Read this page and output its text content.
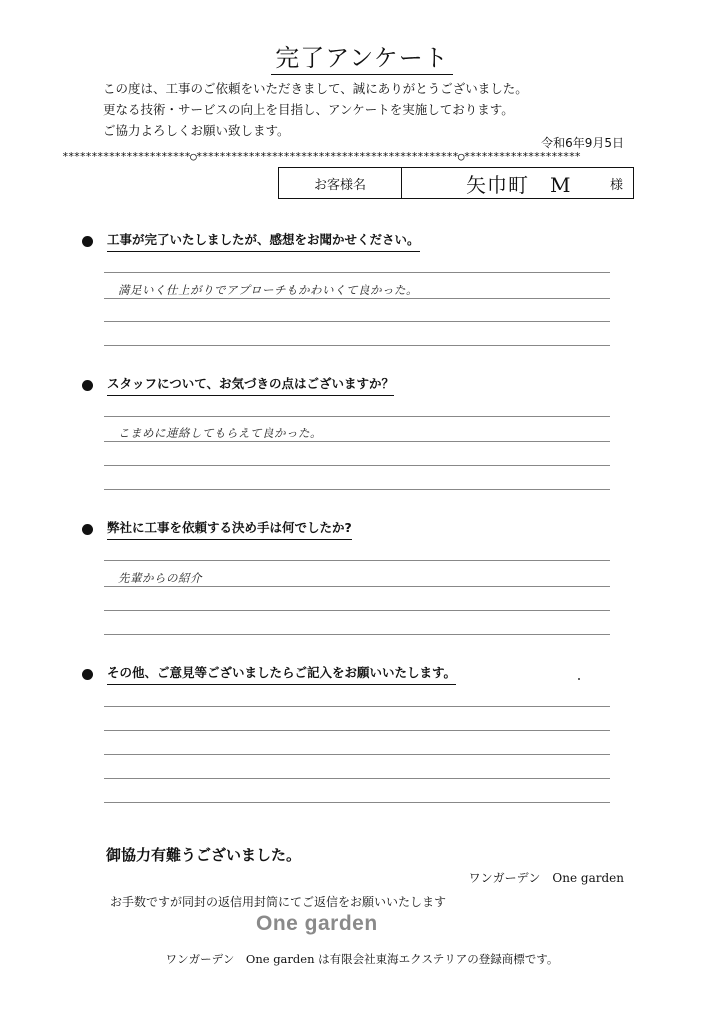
完了アンケート
この度は、工事のご依頼をいただきまして、誠にありがとうございました。
更なる技術・サービスの向上を目指し、アンケートを実施しております。
ご協力よろしくお願い致します。
令和6年9月5日
**********************○*********************************************○********************
お客様名	矢巾町　M	様
工事が完了いたしましたが、感想をお聞かせください。
満足いく仕上がりでアプローチもかわいくて良かった。
スタッフについて、お気づきの点はございますか？
こまめに連絡してもらえて良かった。
弊社に工事を依頼する決め手は何でしたか?
先輩からの紹介
その他、ご意見等ございましたらご記入をお願いいたします。
御協力有難うございました。
ワンガーデン　One garden
お手数ですが同封の返信用封筒にてご返信をお願いいたします
One garden
ワンガーデン　One garden は有限会社東海エクステリアの登録商標です。
